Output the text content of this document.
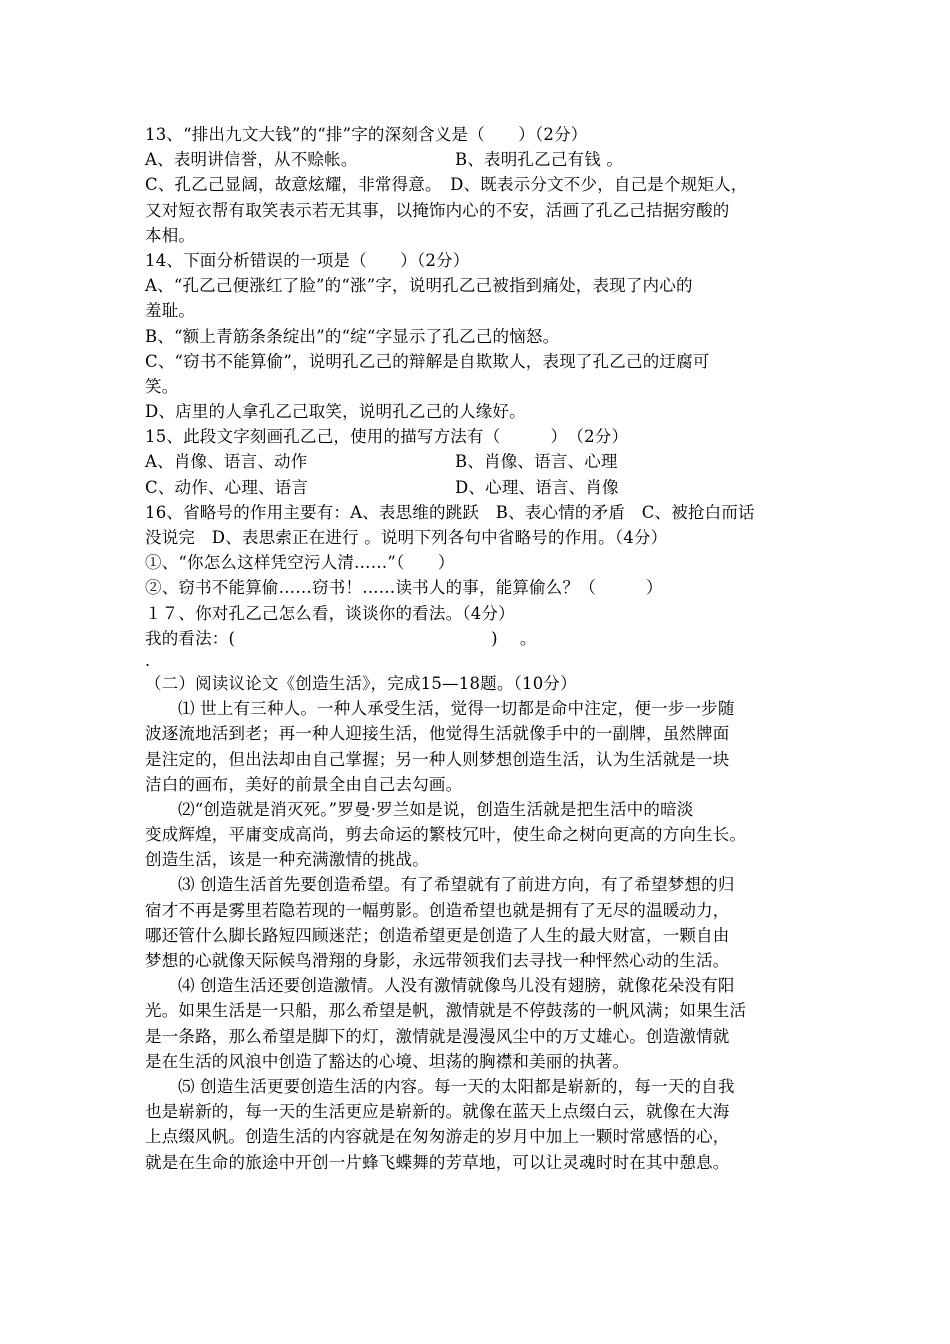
13、“排出九文大钱”的“排”字的深刻含义是（　　）（2分）
A、表明讲信誉，从不赊帐。	B、表明孔乙己有钱 。
C、孔乙己显阔，故意炫耀，非常得意。　D、既表示分文不少，自己是个规矩人，
又对短衣帮有取笑表示若无其事，以掩饰内心的不安，活画了孔乙己拮据穷酸的
本相。
14、下面分析错误的一项是（　　）（2分）
A、“孔乙己便涨红了脸”的“涨”字，说明孔乙己被指到痛处，表现了内心的
羞耻。
B、“额上青筋条条绽出”的“绽“字显示了孔乙己的恼怒。
C、“窃书不能算偷”，说明孔乙己的辩解是自欺欺人，表现了孔乙己的迂腐可
笑。
D、店里的人拿孔乙己取笑，说明孔乙己的人缘好。
15、此段文字刻画孔乙己，使用的描写方法有（　　　）　（2分）
A、肖像、语言、动作	B、肖像、语言、心理
C、动作、心理、语言	D、心理、语言、肖像
16、省略号的作用主要有：A、表思维的跳跃　B、表心情的矛盾　C、被抢白而话
没说完　D、表思索正在进行 。说明下列各句中省略号的作用。（4分）
①、“你怎么这样凭空污人清……”（　　）
②、窃书不能算偷……窃书！……读书人的事，能算偷么？（　　　）
１７、你对孔乙己怎么看，谈谈你的看法。（4分）
我的看法：(　　　　　　　　　　　　　　　 )　 。
.
（二）阅读议论文《创造生活》，完成15—18题。（10分）
⑴ 世上有三种人。一种人承受生活，觉得一切都是命中注定，便一步一步随
波逐流地活到老；再一种人迎接生活，他觉得生活就像手中的一副牌，虽然牌面
是注定的，但出法却由自己掌握；另一种人则梦想创造生活，认为生活就是一块
洁白的画布，美好的前景全由自己去勾画。
⑵“创造就是消灭死。”罗曼·罗兰如是说，创造生活就是把生活中的暗淡
变成辉煌，平庸变成高尚，剪去命运的繁枝冗叶，使生命之树向更高的方向生长。
创造生活，该是一种充满激情的挑战。
⑶ 创造生活首先要创造希望。有了希望就有了前进方向，有了希望梦想的归
宿才不再是雾里若隐若现的一幅剪影。创造希望也就是拥有了无尽的温暖动力，
哪还管什么脚长路短四顾迷茫；创造希望更是创造了人生的最大财富，一颗自由
梦想的心就像天际候鸟滑翔的身影，永远带领我们去寻找一种怦然心动的生活。
⑷ 创造生活还要创造激情。人没有激情就像鸟儿没有翅膀，就像花朵没有阳
光。如果生活是一只船，那么希望是帆，激情就是不停鼓荡的一帆风满；如果生活
是一条路，那么希望是脚下的灯，激情就是漫漫风尘中的万丈雄心。创造激情就
是在生活的风浪中创造了豁达的心境、坦荡的胸襟和美丽的执著。
⑸ 创造生活更要创造生活的内容。每一天的太阳都是崭新的，每一天的自我
也是崭新的，每一天的生活更应是崭新的。就像在蓝天上点缀白云，就像在大海
上点缀风帆。创造生活的内容就是在匆匆游走的岁月中加上一颗时常感悟的心，
就是在生命的旅途中开创一片蜂飞蝶舞的芳草地，可以让灵魂时时在其中憩息。
